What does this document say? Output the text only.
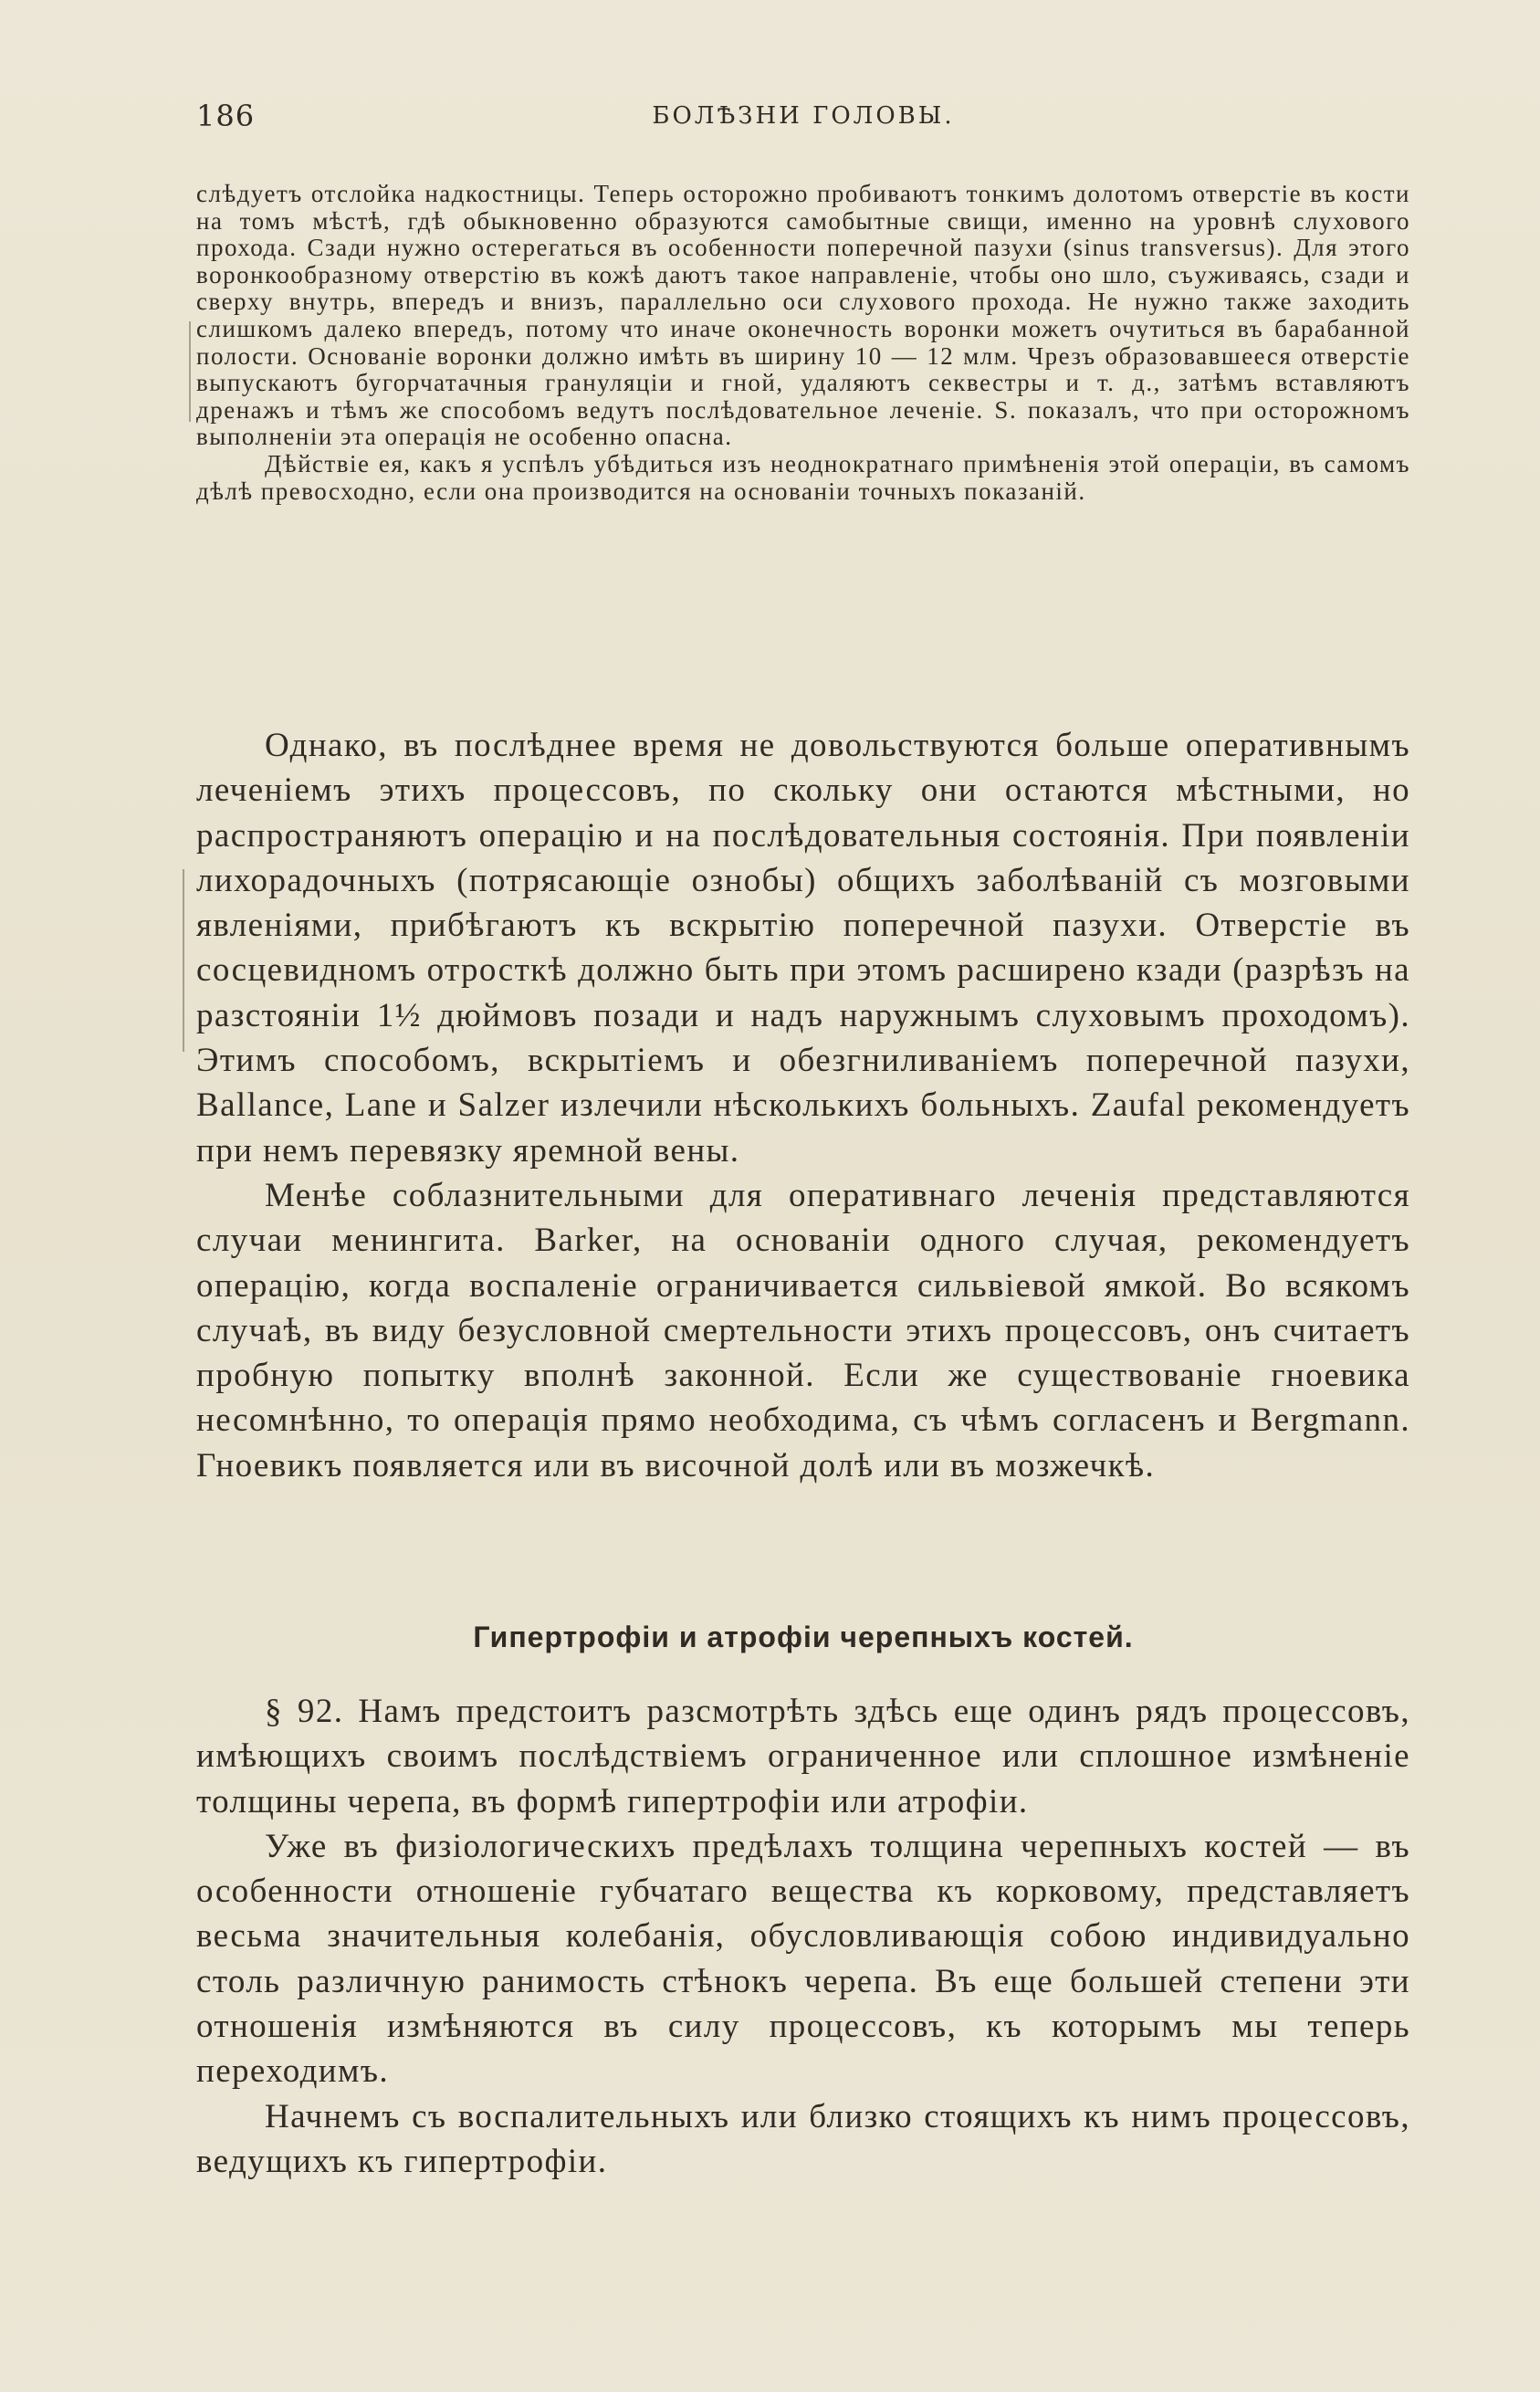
186	БОЛѢЗНИ ГОЛОВЫ.

слѣдуетъ отслойка надкостницы. Теперь осторожно пробиваютъ тонкимъ долотомъ отверстіе въ кости на томъ мѣстѣ, гдѣ обыкновенно образуются самобытные свищи, именно на уровнѣ слухового прохода. Сзади нужно остерегаться въ особенности поперечной пазухи (sinus transversus). Для этого воронкообразному отверстію въ кожѣ даютъ такое направленіе, чтобы оно шло, съуживаясь, сзади и сверху внутрь, впередъ и внизъ, параллельно оси слухового прохода. Не нужно также заходить слишкомъ далеко впередъ, потому что иначе оконечность воронки можетъ очутиться въ барабанной полости. Основаніе воронки должно имѣть въ ширину 10 — 12 млм. Чрезъ образовавшееся отверстіе выпускаютъ бугорчатачныя грануляціи и гной, удаляютъ секвестры и т. д., затѣмъ вставляютъ дренажъ и тѣмъ же способомъ ведутъ послѣдовательное леченіе. S. показалъ, что при осторожномъ выполненіи эта операція не особенно опасна.

Дѣйствіе ея, какъ я успѣлъ убѣдиться изъ неоднократнаго примѣненія этой операціи, въ самомъ дѣлѣ превосходно, если она производится на основаніи точныхъ показаній.

Однако, въ послѣднее время не довольствуются больше оперативнымъ леченіемъ этихъ процессовъ, по скольку они остаются мѣстными, но распространяютъ операцію и на послѣдовательныя состоянія. При появленіи лихорадочныхъ (потрясающіе ознобы) общихъ заболѣваній съ мозговыми явленіями, прибѣгаютъ къ вскрытію поперечной пазухи. Отверстіе въ сосцевидномъ отросткѣ должно быть при этомъ расширено кзади (разрѣзъ на разстояніи 1½ дюймовъ позади и надъ наружнымъ слуховымъ проходомъ). Этимъ способомъ, вскрытіемъ и обезгниливаніемъ поперечной пазухи, Ballance, Lane и Salzer излечили нѣсколькихъ больныхъ. Zaufal рекомендуетъ при немъ перевязку яремной вены.

Менѣе соблазнительными для оперативнаго леченія представляются случаи менингита. Barker, на основаніи одного случая, рекомендуетъ операцію, когда воспаленіе ограничивается сильвіевой ямкой. Во всякомъ случаѣ, въ виду безусловной смертельности этихъ процессовъ, онъ считаетъ пробную попытку вполнѣ законной. Если же существованіе гноевика несомнѣнно, то операція прямо необходима, съ чѣмъ согласенъ и Bergmann. Гноевикъ появляется или въ височной долѣ или въ мозжечкѣ.

Гипертрофіи и атрофіи черепныхъ костей.

§ 92. Намъ предстоитъ разсмотрѣть здѣсь еще одинъ рядъ процессовъ, имѣющихъ своимъ послѣдствіемъ ограниченное или сплошное измѣненіе толщины черепа, въ формѣ гипертрофіи или атрофіи.

Уже въ физіологическихъ предѣлахъ толщина черепныхъ костей — въ особенности отношеніе губчатаго вещества къ корковому, представляетъ весьма значительныя колебанія, обусловливающія собою индивидуально столь различную ранимость стѣнокъ черепа. Въ еще большей степени эти отношенія измѣняются въ силу процессовъ, къ которымъ мы теперь переходимъ.

Начнемъ съ воспалительныхъ или близко стоящихъ къ нимъ процессовъ, ведущихъ къ гипертрофіи.
